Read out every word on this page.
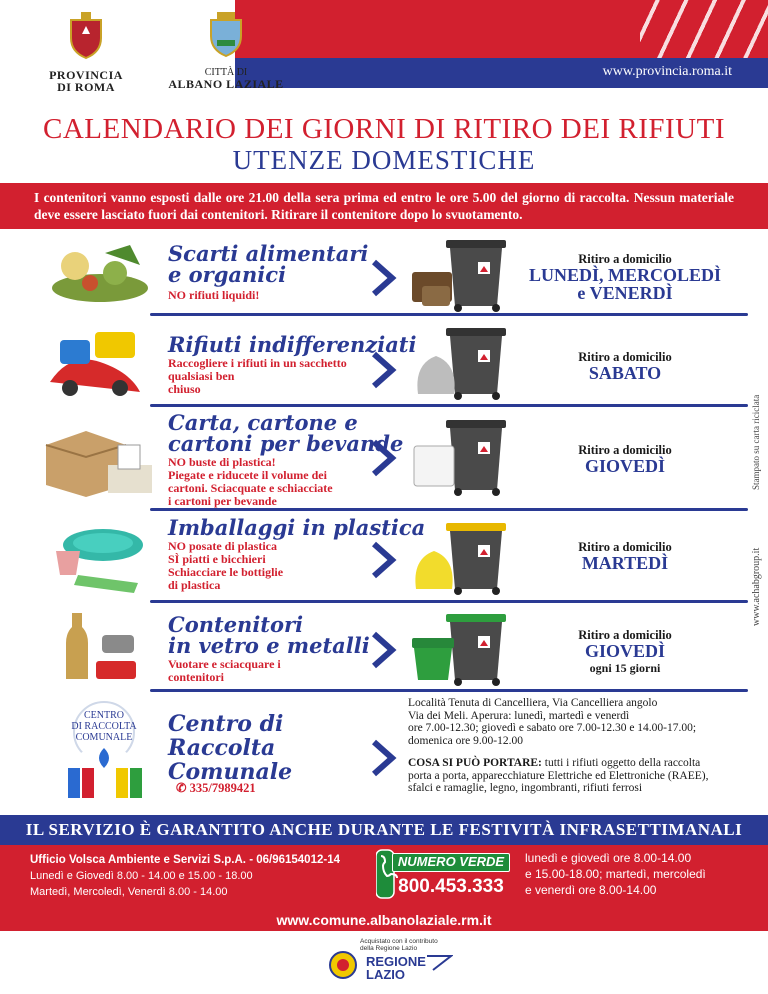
www.provincia.roma.it
PROVINCIA
DI ROMA
CITTÀ DI
ALBANO LAZIALE
CALENDARIO DEI GIORNI DI RITIRO DEI RIFIUTI
UTENZE DOMESTICHE
I contenitori vanno esposti dalle ore 21.00 della sera prima ed entro le ore 5.00 del giorno di raccolta. Nessun materiale deve essere lasciato fuori dai contenitori. Ritirare il contenitore dopo lo svuotamento.
Stampato su carta riciclata
www.achabgroup.it
Scarti alimentari
e organici
NO rifiuti liquidi!
Ritiro a domicilio
LUNEDÌ, MERCOLEDÌ
e VENERDÌ
Rifiuti indifferenziati
Raccogliere i rifiuti in un sacchetto
qualsiasi ben
chiuso
Ritiro a domicilio
SABATO
Carta, cartone e
cartoni per bevande
NO buste di plastica!
Piegate e riducete il volume dei
cartoni. Sciacquate e schiacciate
i cartoni per bevande
Ritiro a domicilio
GIOVEDÌ
Imballaggi in plastica
NO posate di plastica
SÌ piatti e bicchieri
Schiacciare le bottiglie
di plastica
Ritiro a domicilio
MARTEDÌ
Contenitori
in vetro e metalli
Vuotare e sciacquare i
contenitori
Ritiro a domicilio
GIOVEDÌ
ogni 15 giorni
CENTRO
DI RACCOLTA
COMUNALE
Centro di
Raccolta
Comunale
✆ 335/7989421
Località Tenuta di Cancelliera, Via Cancelliera angolo
Via dei Meli. Aperura: lunedì, martedì e venerdì
ore 7.00-12.30; giovedì e sabato ore 7.00-12.30 e 14.00-17.00;
domenica ore 9.00-12.00
COSA SI PUÒ PORTARE: tutti i rifiuti oggetto della raccolta
porta a porta, apparecchiature Elettriche ed Elettroniche (RAEE),
sfalci e ramaglie, legno, ingombranti, rifiuti ferrosi
IL SERVIZIO È GARANTITO ANCHE DURANTE LE FESTIVITÀ INFRASETTIMANALI
Ufficio Volsca Ambiente e Servizi S.p.A. - 06/96154012-14
Lunedì e Giovedì 8.00 - 14.00 e 15.00 - 18.00
Martedì, Mercoledì, Venerdì 8.00 - 14.00
NUMERO VERDE
800.453.333
lunedì e giovedì ore 8.00-14.00
e 15.00-18.00; martedì, mercoledì
e venerdì ore 8.00-14.00
www.comune.albanolaziale.rm.it
Acquistato con il contributo
della Regione Lazio
REGIONE
LAZIO
